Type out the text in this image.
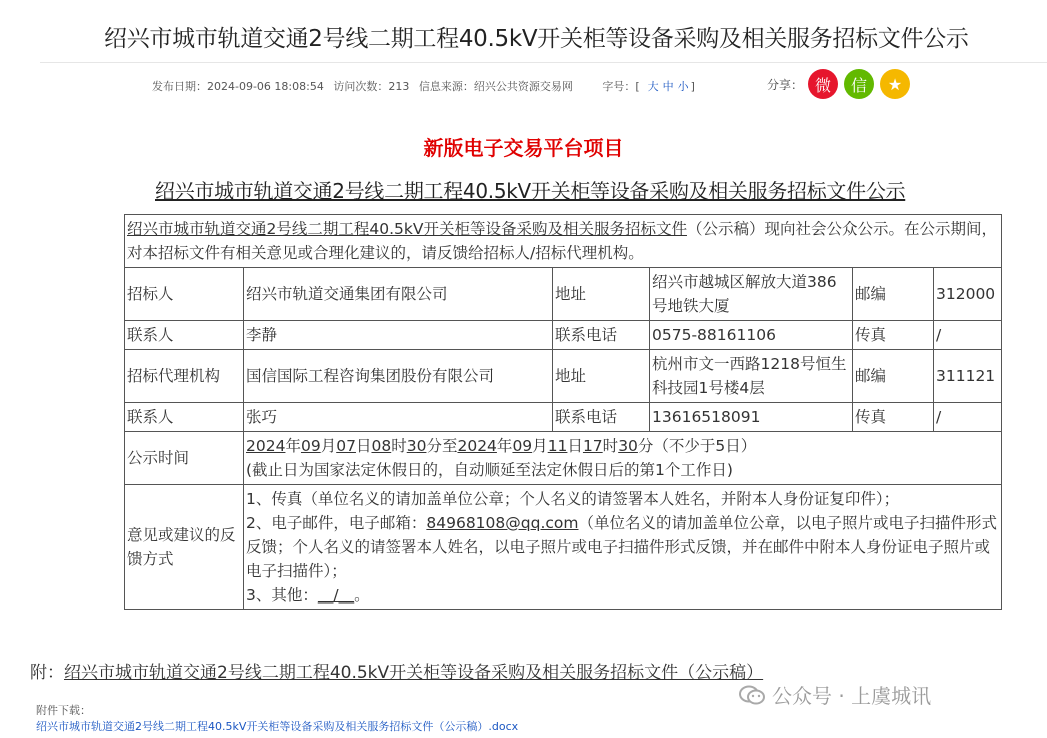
绍兴市城市轨道交通2号线二期工程40.5kV开关柜等设备采购及相关服务招标文件公示
发布日期：2024-09-06 18:08:54 访问次数：213 信息来源：绍兴公共资源交易网	字号：[ 大 中 小 ]	分享： 微 信 ★
新版电子交易平台项目
绍兴市城市轨道交通2号线二期工程40.5kV开关柜等设备采购及相关服务招标文件公示
绍兴市城市轨道交通2号线二期工程40.5kV开关柜等设备采购及相关服务招标文件（公示稿）现向社会公众公示。在公示期间，对本招标文件有相关意见或合理化建议的，请反馈给招标人/招标代理机构。					
招标人	绍兴市轨道交通集团有限公司	地址	绍兴市越城区解放大道386号地铁大厦	邮编	312000
联系人	李静	联系电话	0575-88161106	传真	/
招标代理机构	国信国际工程咨询集团股份有限公司	地址	杭州市文一西路1218号恒生科技园1号楼4层	邮编	311121
联系人	张巧	联系电话	13616518091	传真	/
公示时间	2024年09月07日08时30分至2024年09月11日17时30分（不少于5日）
(截止日为国家法定休假日的，自动顺延至法定休假日后的第1个工作日)				
意见或建议的反馈方式	1、传真（单位名义的请加盖单位公章；个人名义的请签署本人姓名，并附本人身份证复印件）；
2、电子邮件，电子邮箱：84968108@qq.com（单位名义的请加盖单位公章，以电子照片或电子扫描件形式反馈；个人名义的请签署本人姓名，以电子照片或电子扫描件形式反馈，并在邮件中附本人身份证电子照片或电子扫描件）；
3、其他：__/__。				
附：绍兴市城市轨道交通2号线二期工程40.5kV开关柜等设备采购及相关服务招标文件（公示稿）
附件下载：
绍兴市城市轨道交通2号线二期工程40.5kV开关柜等设备采购及相关服务招标文件（公示稿）.docx
公众号 · 上虞城讯
